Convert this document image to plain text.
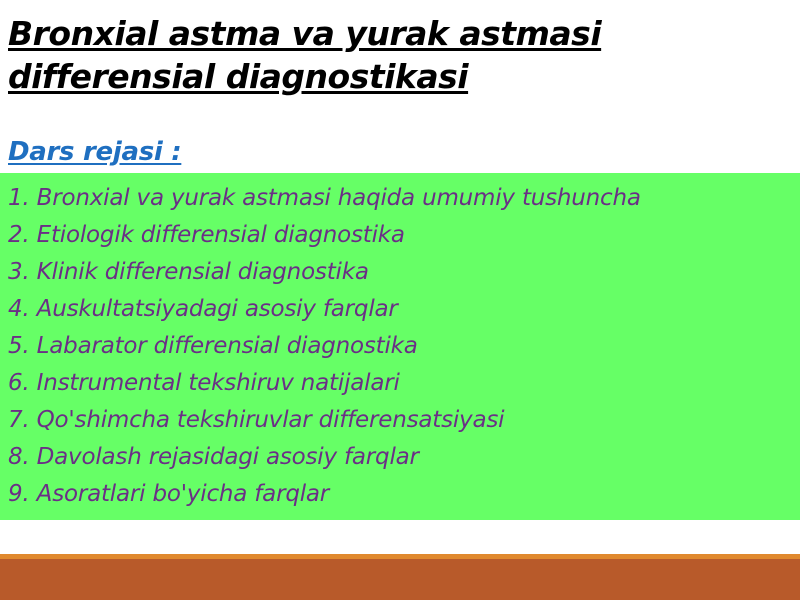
Bronxial astma va yurak astmasi
differensial diagnostikasi
Dars rejasi :
1. Bronxial va yurak astmasi haqida umumiy tushuncha
2. Etiologik differensial diagnostika
3. Klinik differensial diagnostika
4. Auskultatsiyadagi asosiy farqlar
5. Labarator differensial diagnostika
6. Instrumental tekshiruv natijalari
7. Qo'shimcha tekshiruvlar differensatsiyasi
8. Davolash rejasidagi asosiy farqlar
9. Asoratlari bo'yicha farqlar
